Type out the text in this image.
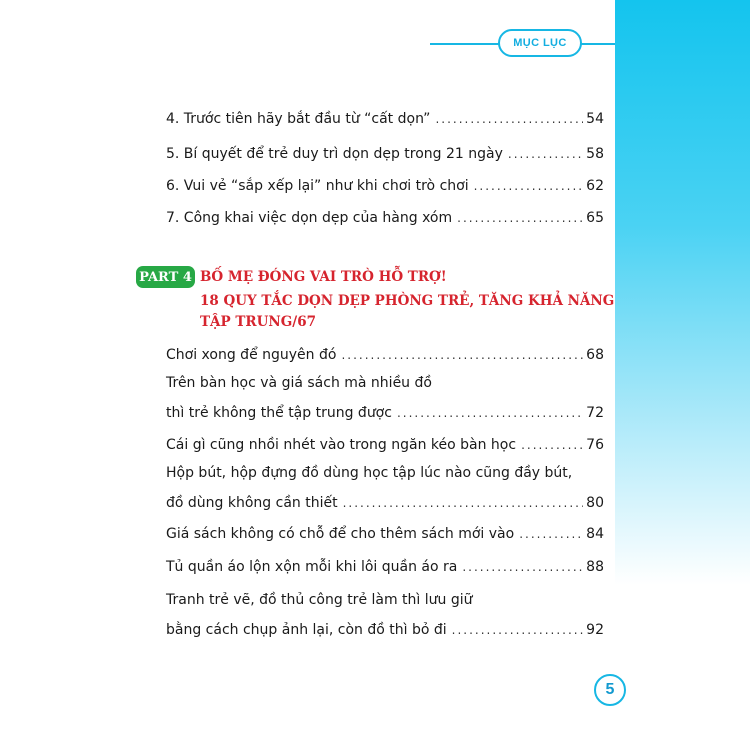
MỤC LỤC
4. Trước tiên hãy bắt đầu từ “cất dọn” .....	54
5. Bí quyết để trẻ duy trì dọn dẹp trong 21 ngày .....	58
6. Vui vẻ “sắp xếp lại” như khi chơi trò chơi .....	62
7. Công khai việc dọn dẹp của hàng xóm .....	65
PART 4 BỐ MẸ ĐÓNG VAI TRÒ HỖ TRỢ!
18 QUY TẮC DỌN DẸP PHÒNG TRẺ, TĂNG KHẢ NĂNG
TẬP TRUNG/67
Chơi xong để nguyên đó .....	68
Trên bàn học và giá sách mà nhiều đồ
thì trẻ không thể tập trung được .....	72
Cái gì cũng nhồi nhét vào trong ngăn kéo bàn học .....	76
Hộp bút, hộp đựng đồ dùng học tập lúc nào cũng đầy bút,
đồ dùng không cần thiết .....	80
Giá sách không có chỗ để cho thêm sách mới vào .....	84
Tủ quần áo lộn xộn mỗi khi lôi quần áo ra .....	88
Tranh trẻ vẽ, đồ thủ công trẻ làm thì lưu giữ
bằng cách chụp ảnh lại, còn đồ thì bỏ đi .....	92
5
